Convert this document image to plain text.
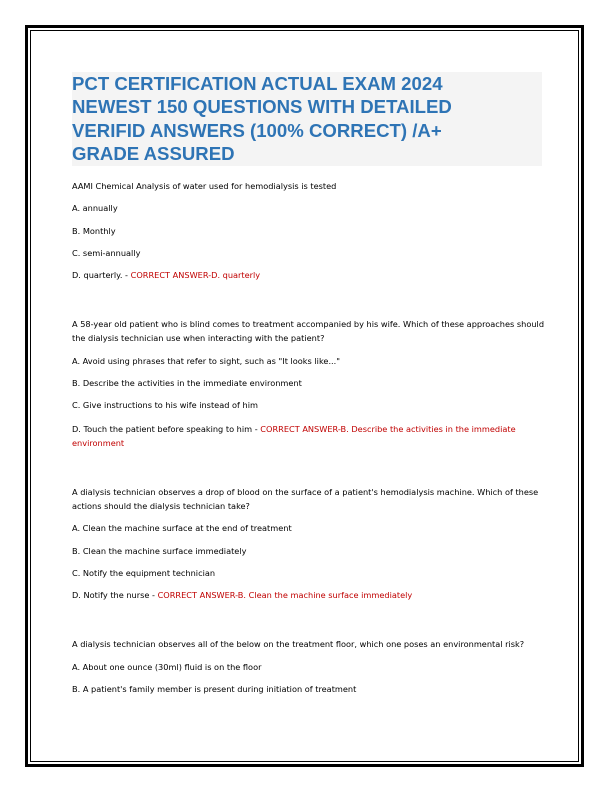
PCT CERTIFICATION ACTUAL EXAM 2024
NEWEST 150 QUESTIONS WITH DETAILED
VERIFID ANSWERS (100% CORRECT) /A+
GRADE ASSURED
AAMI Chemical Analysis of water used for hemodialysis is tested
A. annually
B. Monthly
C. semi-annually
D. quarterly. - CORRECT ANSWER-D. quarterly
A 58-year old patient who is blind comes to treatment accompanied by his wife. Which of these approaches should the dialysis technician use when interacting with the patient?
A. Avoid using phrases that refer to sight, such as "It looks like..."
B. Describe the activities in the immediate environment
C. Give instructions to his wife instead of him
D. Touch the patient before speaking to him - CORRECT ANSWER-B. Describe the activities in the immediate environment
A dialysis technician observes a drop of blood on the surface of a patient's hemodialysis machine. Which of these actions should the dialysis technician take?
A. Clean the machine surface at the end of treatment
B. Clean the machine surface immediately
C. Notify the equipment technician
D. Notify the nurse - CORRECT ANSWER-B. Clean the machine surface immediately
A dialysis technician observes all of the below on the treatment floor, which one poses an environmental risk?
A. About one ounce (30ml) fluid is on the floor
B. A patient's family member is present during initiation of treatment
